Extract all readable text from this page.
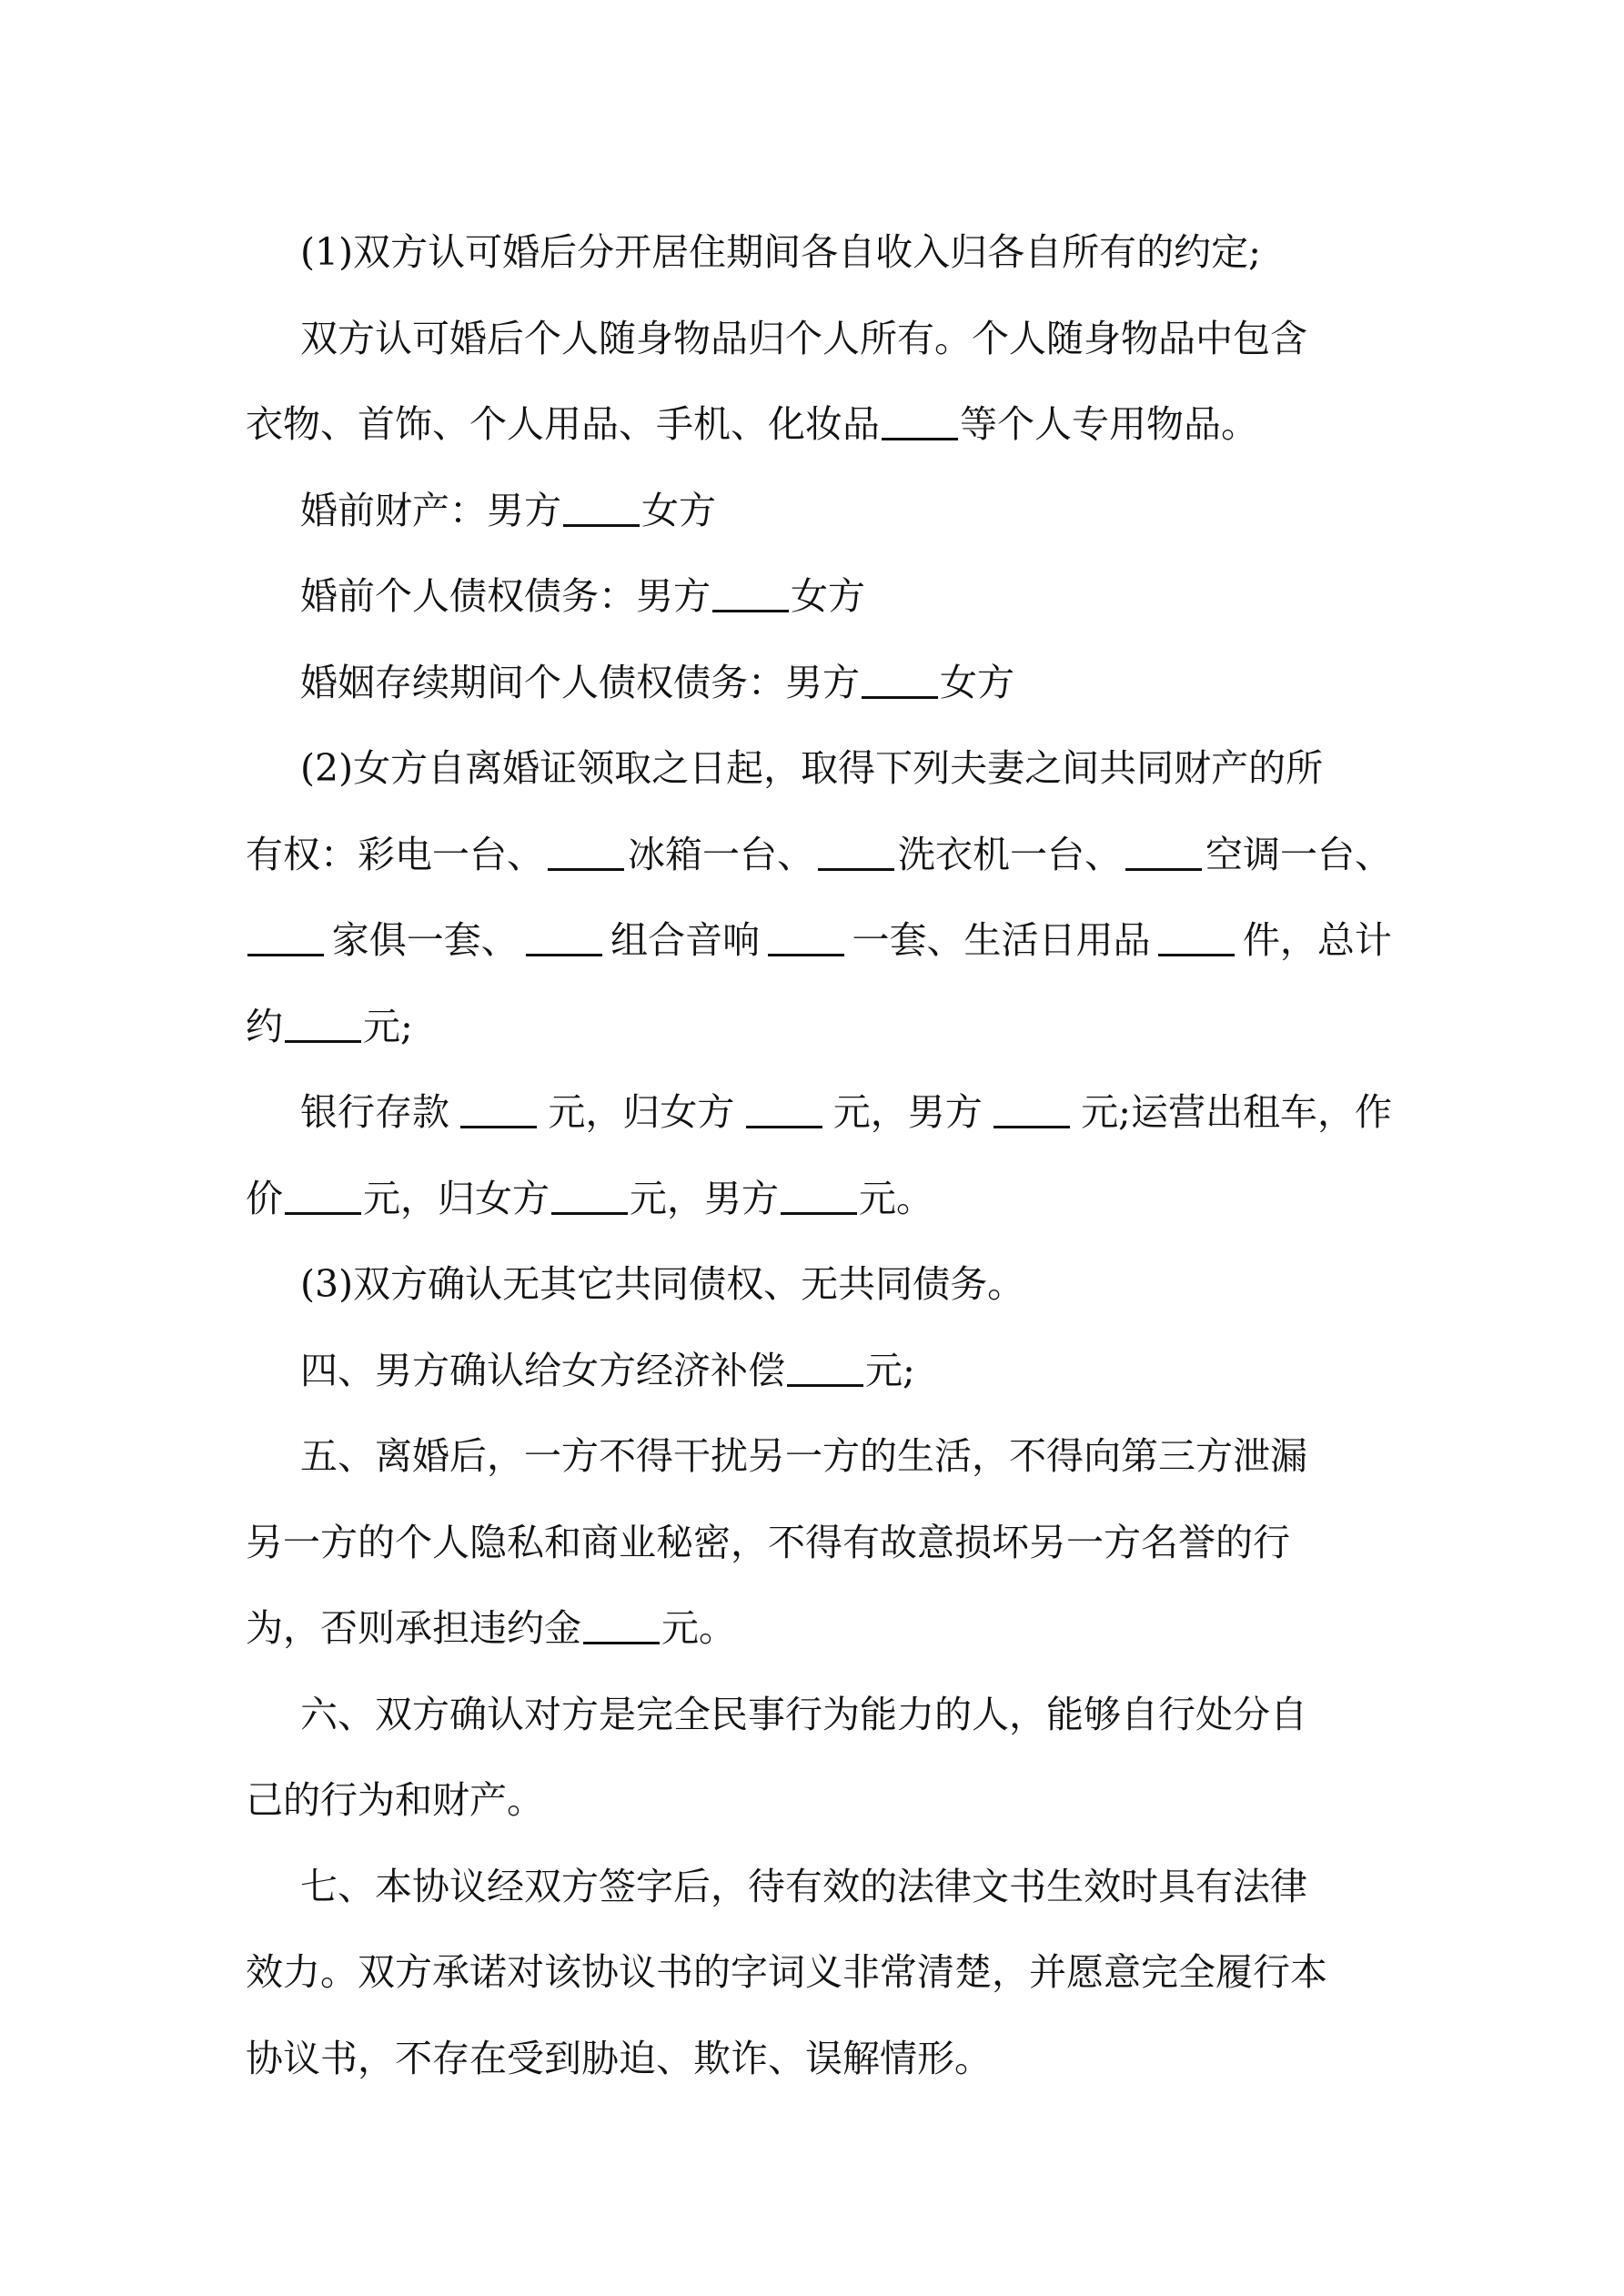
(1)双方认可婚后分开居住期间各自收入归各自所有的约定;
双方认可婚后个人随身物品归个人所有。个人随身物品中包含
衣物、首饰、个人用品、手机、化妆品 等个人专用物品。
婚前财产：男方 女方
婚前个人债权债务：男方 女方
婚姻存续期间个人债权债务：男方 女方
(2)女方自离婚证领取之日起，取得下列夫妻之间共同财产的所
有权：彩电一台、 冰箱一台、 洗衣机一台、 空调一台、
家俱一套、 组合音响 一套、生活日用品 件，总计
约 元;
银行存款	元，归女方	元，男方	元;运营出租车，作
价 元，归女方 元，男方 元。
(3)双方确认无其它共同债权、无共同债务。
四、男方确认给女方经济补偿 元;
五、离婚后，一方不得干扰另一方的生活，不得向第三方泄漏
另一方的个人隐私和商业秘密，不得有故意损坏另一方名誉的行
为，否则承担违约金 元。
六、双方确认对方是完全民事行为能力的人，能够自行处分自
己的行为和财产。
七、本协议经双方签字后，待有效的法律文书生效时具有法律
效力。双方承诺对该协议书的字词义非常清楚，并愿意完全履行本
协议书，不存在受到胁迫、欺诈、误解情形。
